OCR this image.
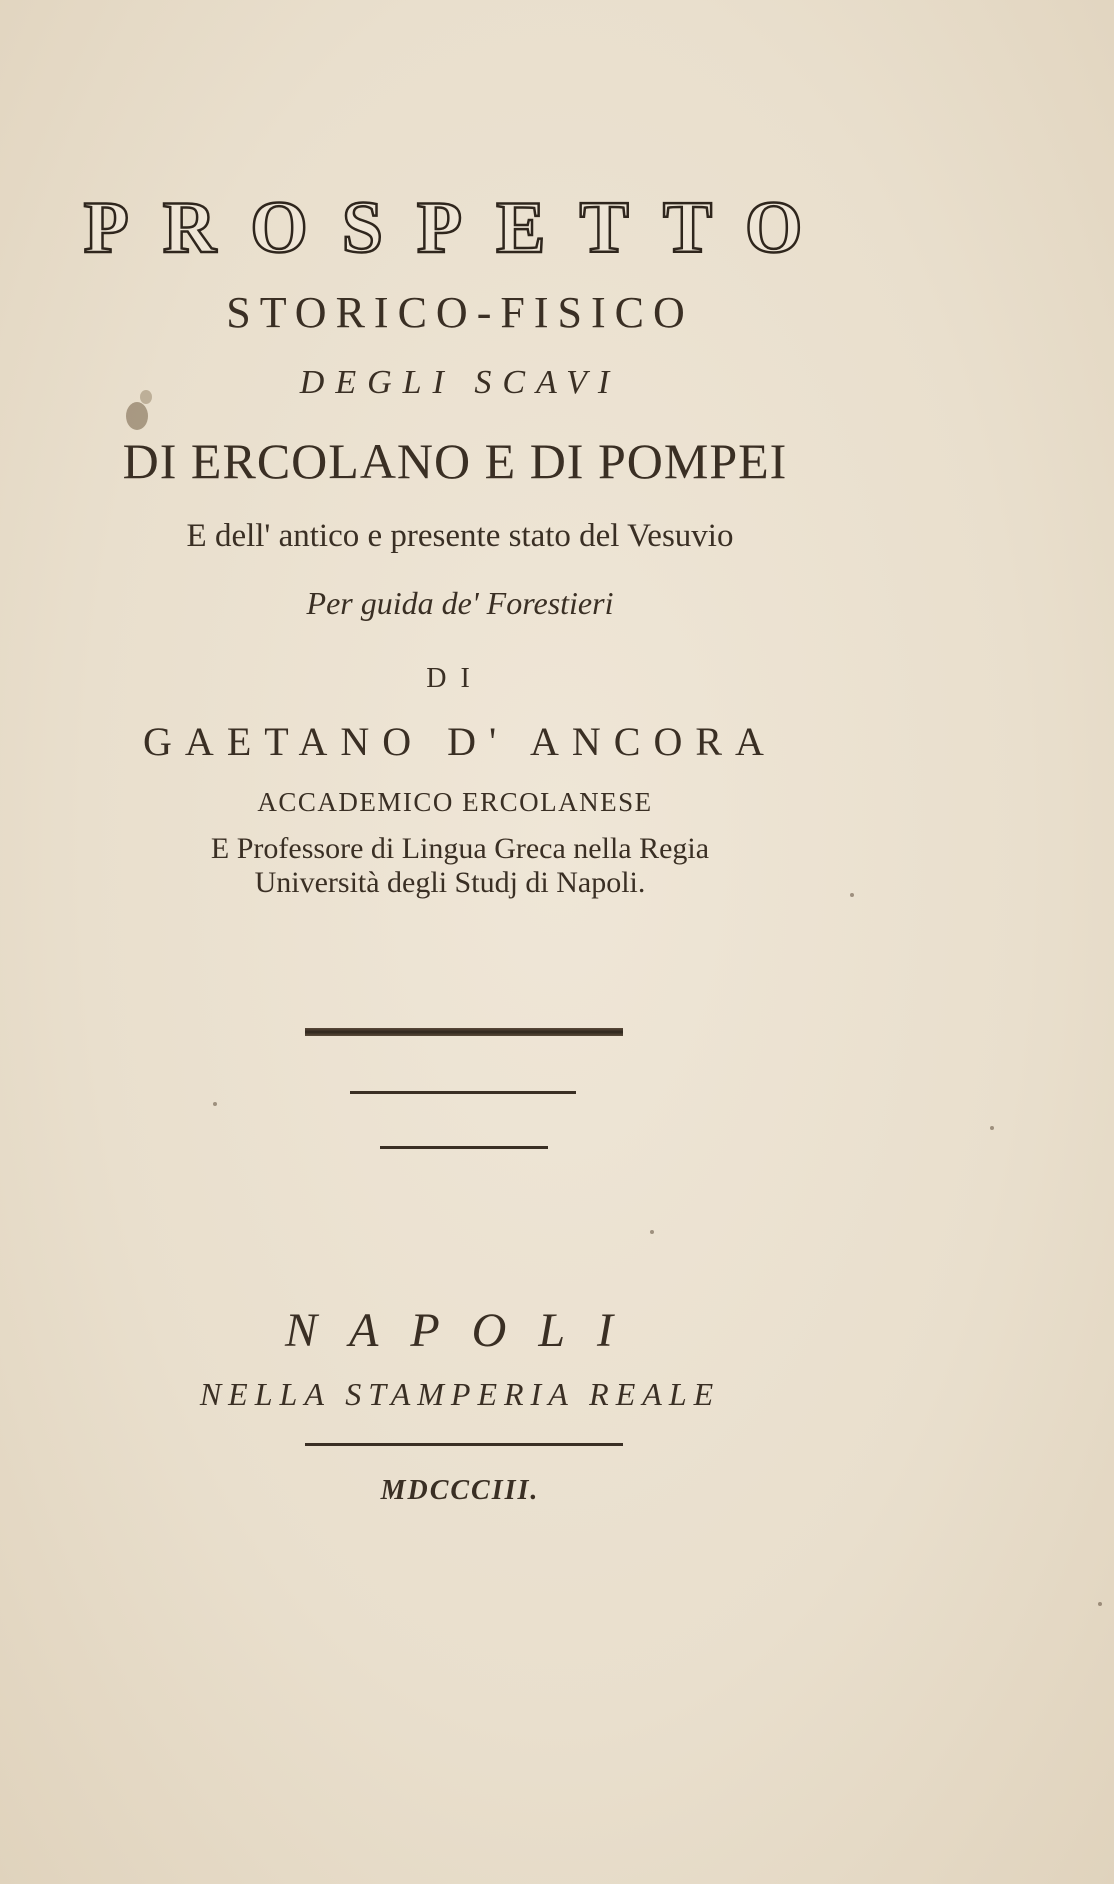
PROSPETTO
STORICO-FISICO
DEGLI SCAVI
DI ERCOLANO E DI POMPEI
E dell' antico e presente stato del Vesuvio
Per guida de' Forestieri
DI
GAETANO D' ANCORA
ACCADEMICO ERCOLANESE
E Professore di Lingua Greca nella Regia
Università degli Studj di Napoli.
NAPOLI
NELLA STAMPERIA REALE
MDCCCIII.
